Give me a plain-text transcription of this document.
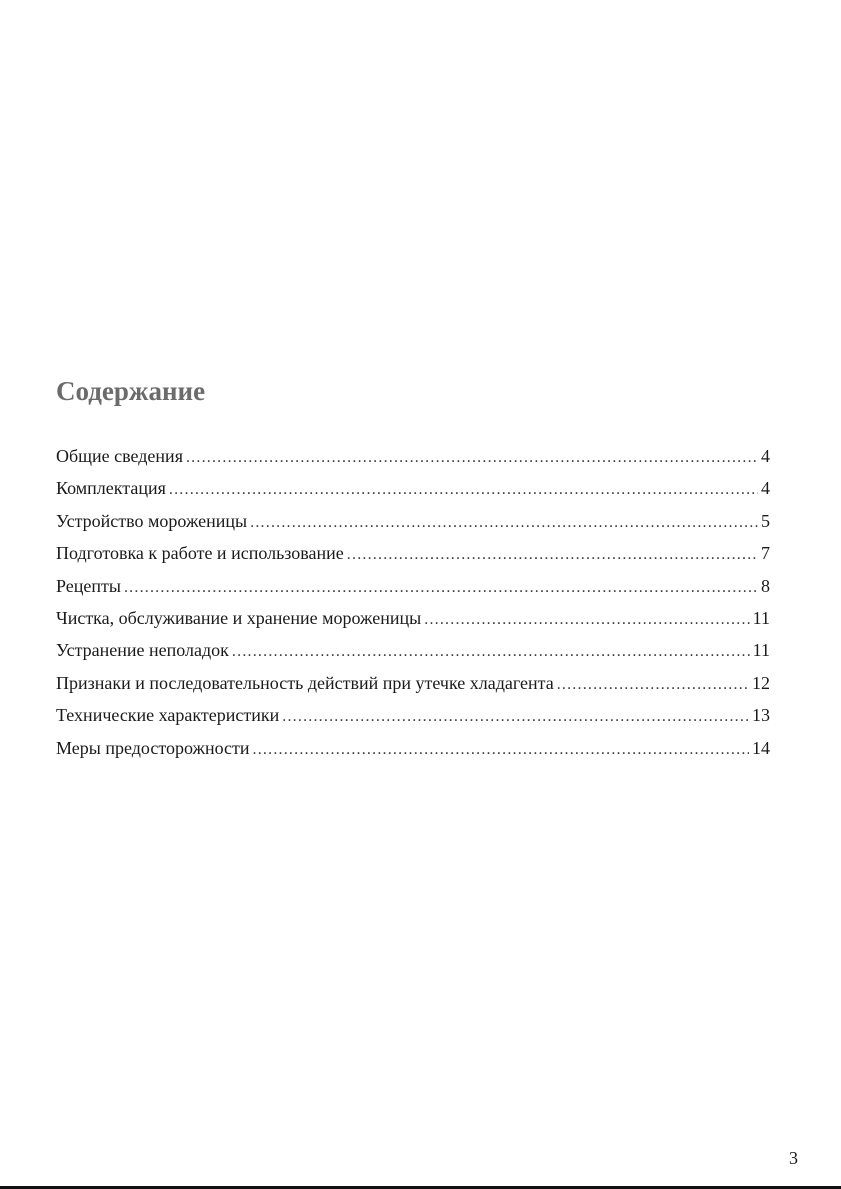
Содержание
Общие сведения .....	4
Комплектация .....	4
Устройство мороженицы .....	5
Подготовка к работе и использование .....	7
Рецепты .....	8
Чистка, обслуживание и хранение мороженицы .....	11
Устранение неполадок .....	11
Признаки и последовательность действий при утечке хладагента .....	12
Технические характеристики .....	13
Меры предосторожности .....	14
3
